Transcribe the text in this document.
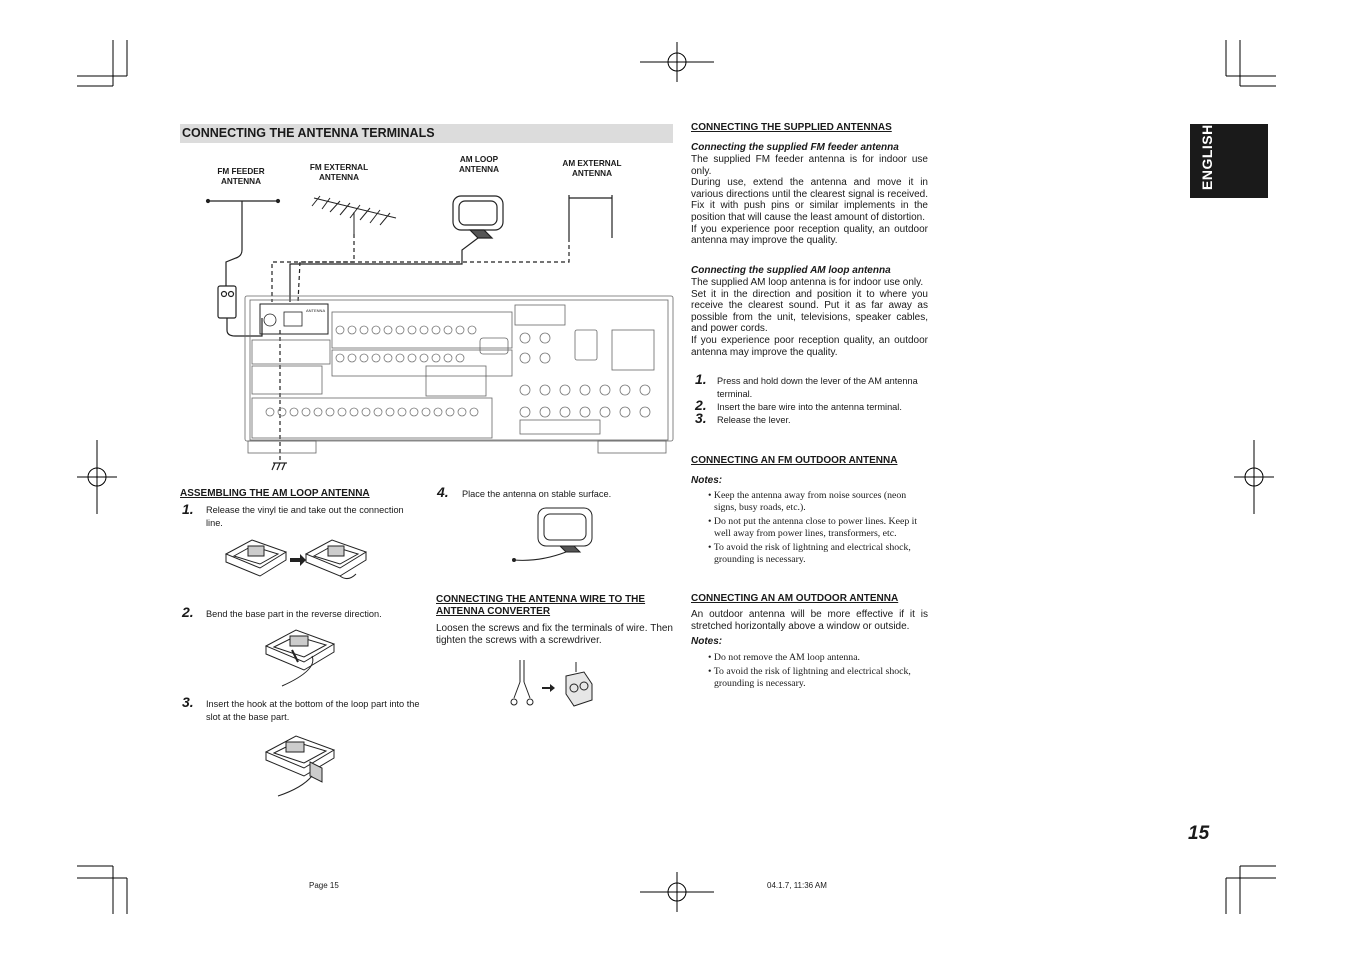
CONNECTING THE ANTENNA TERMINALS	ENGLISH
FM FEEDER
ANTENNA
FM EXTERNAL
ANTENNA
AM LOOP
ANTENNA
AM EXTERNAL
ANTENNA
ANTENNA
ASSEMBLING THE AM LOOP ANTENNA
1. Release the vinyl tie and take out the connection line.
2. Bend the base part in the reverse direction.
3. Insert the hook at the bottom of the loop part into the slot at the base part.
4. Place the antenna on stable surface.
CONNECTING THE ANTENNA WIRE TO THE ANTENNA CONVERTER
Loosen the screws and fix the terminals of wire. Then tighten the screws with a screwdriver.
CONNECTING THE SUPPLIED ANTENNAS
Connecting the supplied FM feeder antenna
The supplied FM feeder antenna is for indoor use only.
During use, extend the antenna and move it in various directions until the clearest signal is received. Fix it with push pins or similar implements in the position that will cause the least amount of distortion.
If you experience poor reception quality, an outdoor antenna may improve the quality.
Connecting the supplied AM loop antenna
The supplied AM loop antenna is for indoor use only.
Set it in the direction and position it to where you receive the clearest sound. Put it as far away as possible from the unit, televisions, speaker cables, and power cords.
If you experience poor reception quality, an outdoor antenna may improve the quality.
1. Press and hold down the lever of the AM antenna terminal.
2. Insert the bare wire into the antenna terminal.
3. Release the lever.
CONNECTING AN FM OUTDOOR ANTENNA
Notes:
• Keep the antenna away from noise sources (neon signs, busy roads, etc.).
• Do not put the antenna close to power lines. Keep it well away from power lines, transformers, etc.
• To avoid the risk of lightning and electrical shock, grounding is necessary.
CONNECTING AN AM OUTDOOR ANTENNA
An outdoor antenna will be more effective if it is stretched horizontally above a window or outside.
Notes:
• Do not remove the AM loop antenna.
• To avoid the risk of lightning and electrical shock, grounding is necessary.
15
Page 15	04.1.7, 11:36 AM
